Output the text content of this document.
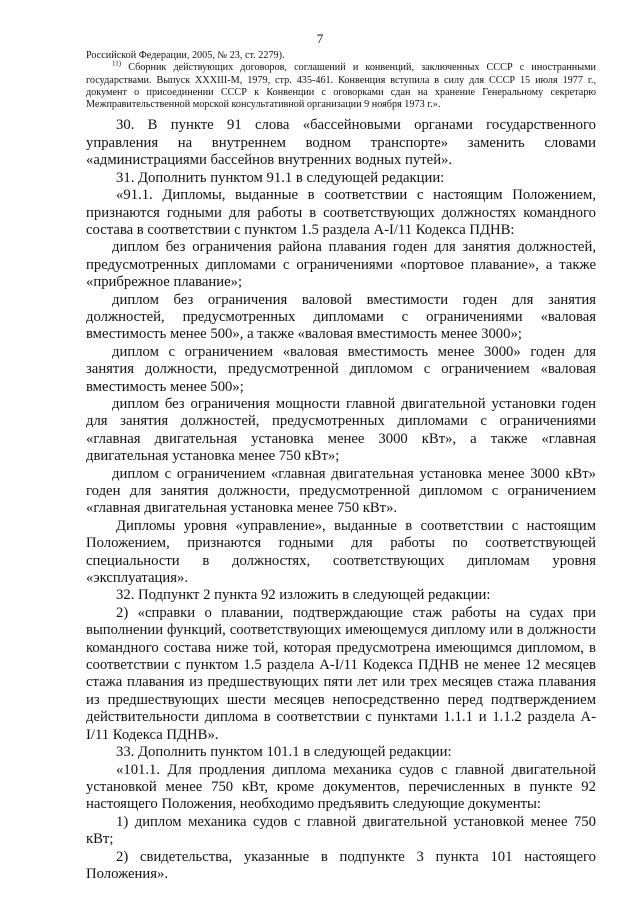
7

Российской Федерации, 2005, № 23, ст. 2279).

$^{11)}$ Сборник действующих договоров, соглашений и конвенций, заключенных СССР с иностранными государствами. Выпуск XXXIII-М, 1979, стр. 435-461. Конвенция вступила в силу для СССР 15 июля 1977 г., документ о присоединении СССР к Конвенции с оговорками сдан на хранение Генеральному секретарю Межправительственной морской консультативной организации 9 ноября 1973 г.».

30. В пункте 91 слова «бассейновыми органами государственного управления на внутреннем водном транспорте» заменить словами «администрациями бассейнов внутренних водных путей».

31. Дополнить пунктом 91.1 в следующей редакции:

«91.1. Дипломы, выданные в соответствии с настоящим Положением, признаются годными для работы в соответствующих должностях командного состава в соответствии с пунктом 1.5 раздела A-I/11 Кодекса ПДНВ:

диплом без ограничения района плавания годен для занятия должностей, предусмотренных дипломами с ограничениями «портовое плавание», а также «прибрежное плавание»;

диплом без ограничения валовой вместимости годен для занятия должностей, предусмотренных дипломами с ограничениями «валовая вместимость менее 500», а также «валовая вместимость менее 3000»;

диплом с ограничением «валовая вместимость менее 3000» годен для занятия должности, предусмотренной дипломом с ограничением «валовая вместимость менее 500»;

диплом без ограничения мощности главной двигательной установки годен для занятия должностей, предусмотренных дипломами с ограничениями «главная двигательная установка менее 3000 кВт», а также «главная двигательная установка менее 750 кВт»;

диплом с ограничением «главная двигательная установка менее 3000 кВт» годен для занятия должности, предусмотренной дипломом с ограничением «главная двигательная установка менее 750 кВт».

Дипломы уровня «управление», выданные в соответствии с настоящим Положением, признаются годными для работы по соответствующей специальности в должностях, соответствующих дипломам уровня «эксплуатация».

32. Подпункт 2 пункта 92 изложить в следующей редакции:

2) «справки о плавании, подтверждающие стаж работы на судах при выполнении функций, соответствующих имеющемуся диплому или в должности командного состава ниже той, которая предусмотрена имеющимся дипломом, в соответствии с пунктом 1.5 раздела A-I/11 Кодекса ПДНВ не менее 12 месяцев стажа плавания из предшествующих пяти лет или трех месяцев стажа плавания из предшествующих шести месяцев непосредственно перед подтверждением действительности диплома в соответствии с пунктами 1.1.1 и 1.1.2 раздела A-I/11 Кодекса ПДНВ».

33. Дополнить пунктом 101.1 в следующей редакции:

«101.1. Для продления диплома механика судов с главной двигательной установкой менее 750 кВт, кроме документов, перечисленных в пункте 92 настоящего Положения, необходимо предъявить следующие документы:

1) диплом механика судов с главной двигательной установкой менее 750 кВт;

2) свидетельства, указанные в подпункте 3 пункта 101 настоящего Положения».
